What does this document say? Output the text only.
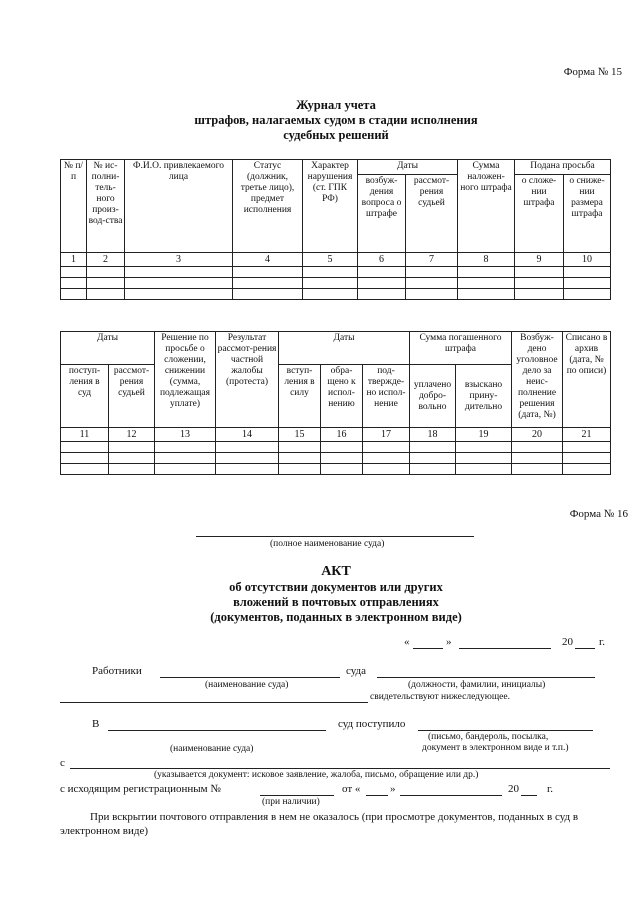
Форма № 15
Журнал учета
штрафов, налагаемых судом в стадии исполнения
судебных решений
№ п/п	№ ис-полни-тель-ного произ-вод-ства	Ф.И.О. привлекаемого лица	Статус (должник, третье лицо), предмет исполнения	Характер нарушения (ст. ГПК РФ)	Даты		Сумма наложен-ного штрафа	Подана просьба	
					возбуж-дения вопроса о штрафе	рассмот-рения судьей		о сложе-нии штрафа	о сниже-нии размера штрафа
1	2	3	4	5	6	7	8	9	10

Даты		Решение по просьбе о сложении, снижении (сумма, подлежащая уплате)	Результат рассмот-рения частной жалобы (протеста)	Даты			Сумма погашенного штрафа		Возбуж-дено уголовное дело за неис-полнение решения (дата, №)	Списано в архив (дата, № по описи)
поступ-ления в суд	рассмот-рения судьей			вступ-ления в силу	обра-щено к испол-нению	под-твержде-но испол-нение	уплачено добро-вольно	взыскано прину-дительно		
11	12	13	14	15	16	17	18	19	20	21

Форма № 16
(полное наименование суда)
АКТ
об отсутствии документов или других
вложений в почтовых отправлениях
(документов, поданных в электронном виде)
«	»	20 г.
Работники	суда
(наименование суда)	(должности, фамилии, инициалы)
свидетельствуют нижеследующее.
В	суд поступило
(письмо, бандероль, посылка,
(наименование суда)	документ в электронном виде и т.п.)
с
(указывается документ: исковое заявление, жалоба, письмо, обращение или др.)
с исходящим регистрационным №	от «	»	20	г.
(при наличии)
При вскрытии почтового отправления в нем не оказалось (при просмотре документов, поданных в суд в электронном виде)
